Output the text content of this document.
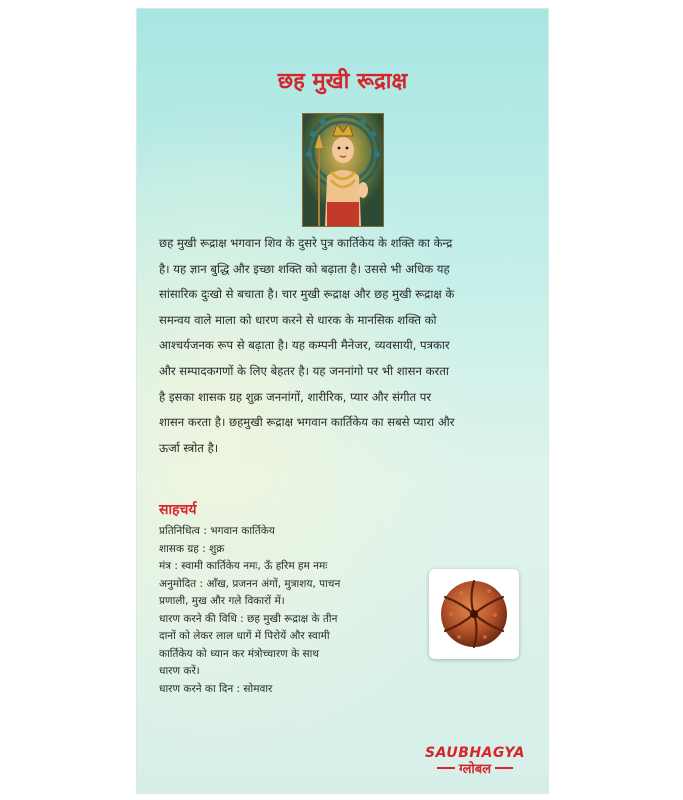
छह मुखी रूद्राक्ष
छह मुखी रूद्राक्ष भगवान शिव के दुसरे पुत्र कार्तिकेय के शक्ति का केन्द्र
है। यह ज्ञान बुद्धि और इच्छा शक्ति को बढ़ाता है। उससे भी अधिक यह
सांसारिक दुःखो से बचाता है। चार मुखी रूद्राक्ष और छह मुखी रूद्राक्ष के
समन्वय वाले माला को धारण करने से धारक के मानसिक शक्ति को
आश्चर्यजनक रूप से बढ़ाता है। यह कम्पनी मैनेजर, व्यवसायी, पत्रकार
और सम्पादकगणों के लिए बेहतर है। यह जननांगो पर भी शासन करता
है इसका शासक ग्रह शुक्र जननांगों, शारीरिक, प्यार और संगीत पर
शासन करता है। छहमुखी रूद्राक्ष भगवान कार्तिकेय का सबसे प्यारा और
ऊर्जा स्त्रोत है।
साहचर्य
प्रतिनिधित्व : भगवान कार्तिकेय
शासक ग्रह : शुक्र
मंत्र : स्वामी कार्तिकेय नमः, ऊँ हरिम हम नमः
अनुमोदित : आँख, प्रजनन अंगों, मुत्राशय, पाचन
प्रणाली, मुख और गले विकारों में।
धारण करने की विधि : छह मुखी रूद्राक्ष के तीन
दानों को लेकर लाल धागें में पिरोयें और स्वामी
कार्तिकेय को ध्यान कर मंत्रोच्चारण के साथ
धारण करें।
धारण करने का दिन : सोमवार
SAUBHAGYA
ग्लोबल
